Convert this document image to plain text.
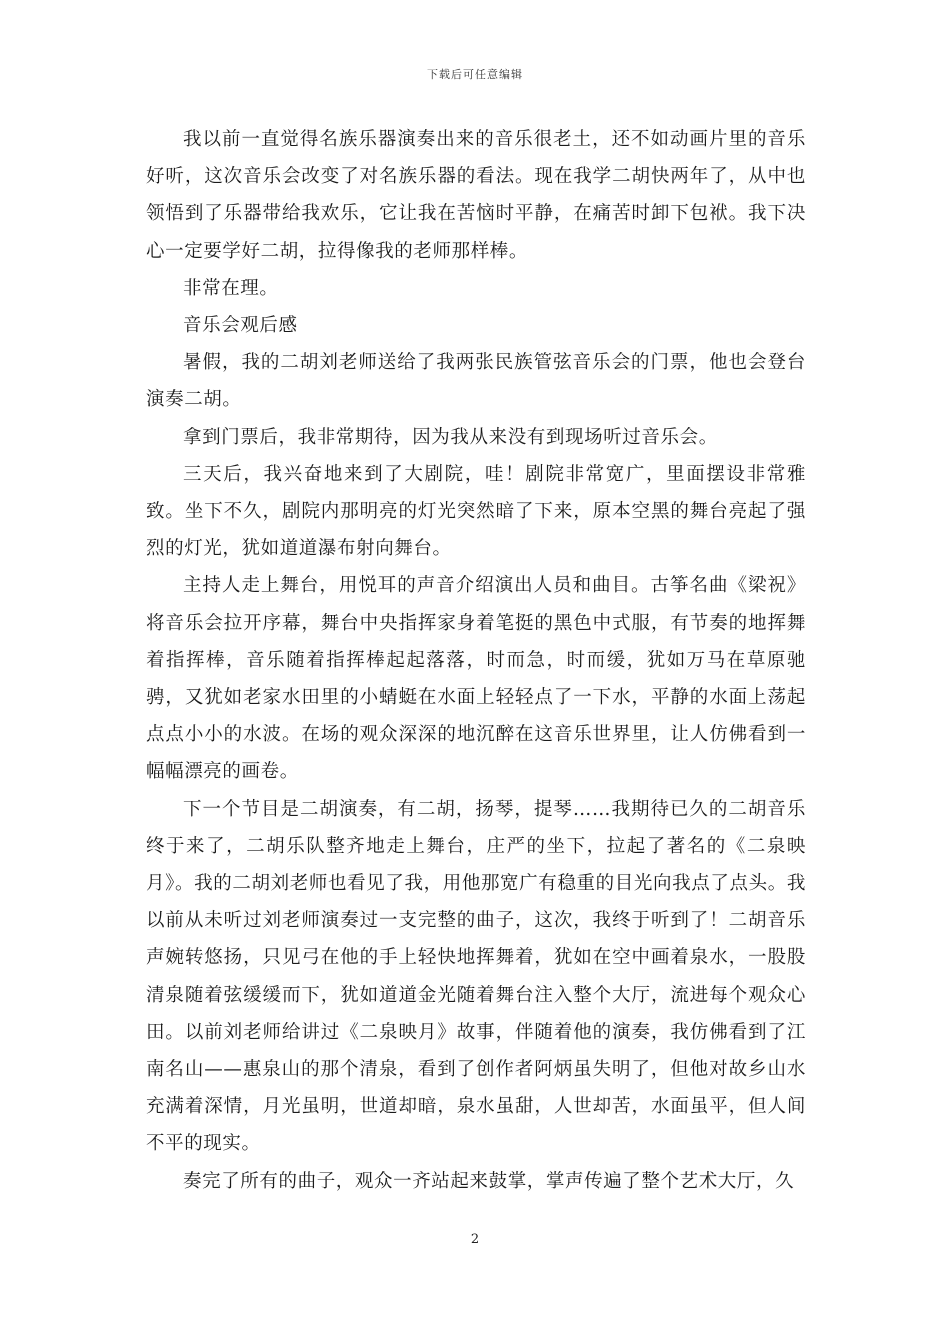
下载后可任意编辑

我以前一直觉得名族乐器演奏出来的音乐很老土，还不如动画片里的音乐好听，这次音乐会改变了对名族乐器的看法。现在我学二胡快两年了，从中也领悟到了乐器带给我欢乐，它让我在苦恼时平静，在痛苦时卸下包袱。我下决心一定要学好二胡，拉得像我的老师那样棒。

非常在理。

音乐会观后感

暑假，我的二胡刘老师送给了我两张民族管弦音乐会的门票，他也会登台演奏二胡。

拿到门票后，我非常期待，因为我从来没有到现场听过音乐会。

三天后，我兴奋地来到了大剧院，哇！剧院非常宽广，里面摆设非常雅致。坐下不久，剧院内那明亮的灯光突然暗了下来，原本空黑的舞台亮起了强烈的灯光，犹如道道瀑布射向舞台。

主持人走上舞台，用悦耳的声音介绍演出人员和曲目。古筝名曲《梁祝》将音乐会拉开序幕，舞台中央指挥家身着笔挺的黑色中式服，有节奏的地挥舞着指挥棒，音乐随着指挥棒起起落落，时而急，时而缓，犹如万马在草原驰骋，又犹如老家水田里的小蜻蜓在水面上轻轻点了一下水，平静的水面上荡起点点小小的水波。在场的观众深深的地沉醉在这音乐世界里，让人仿佛看到一幅幅漂亮的画卷。

下一个节目是二胡演奏，有二胡，扬琴，提琴……我期待已久的二胡音乐终于来了，二胡乐队整齐地走上舞台，庄严的坐下，拉起了著名的《二泉映月》。我的二胡刘老师也看见了我，用他那宽广有稳重的目光向我点了点头。我以前从未听过刘老师演奏过一支完整的曲子，这次，我终于听到了！二胡音乐声婉转悠扬，只见弓在他的手上轻快地挥舞着，犹如在空中画着泉水，一股股清泉随着弦缓缓而下，犹如道道金光随着舞台注入整个大厅，流进每个观众心田。以前刘老师给讲过《二泉映月》故事，伴随着他的演奏，我仿佛看到了江南名山——惠泉山的那个清泉，看到了创作者阿炳虽失明了，但他对故乡山水充满着深情，月光虽明，世道却暗，泉水虽甜，人世却苦，水面虽平，但人间不平的现实。

奏完了所有的曲子，观众一齐站起来鼓掌，掌声传遍了整个艺术大厅，久

2
